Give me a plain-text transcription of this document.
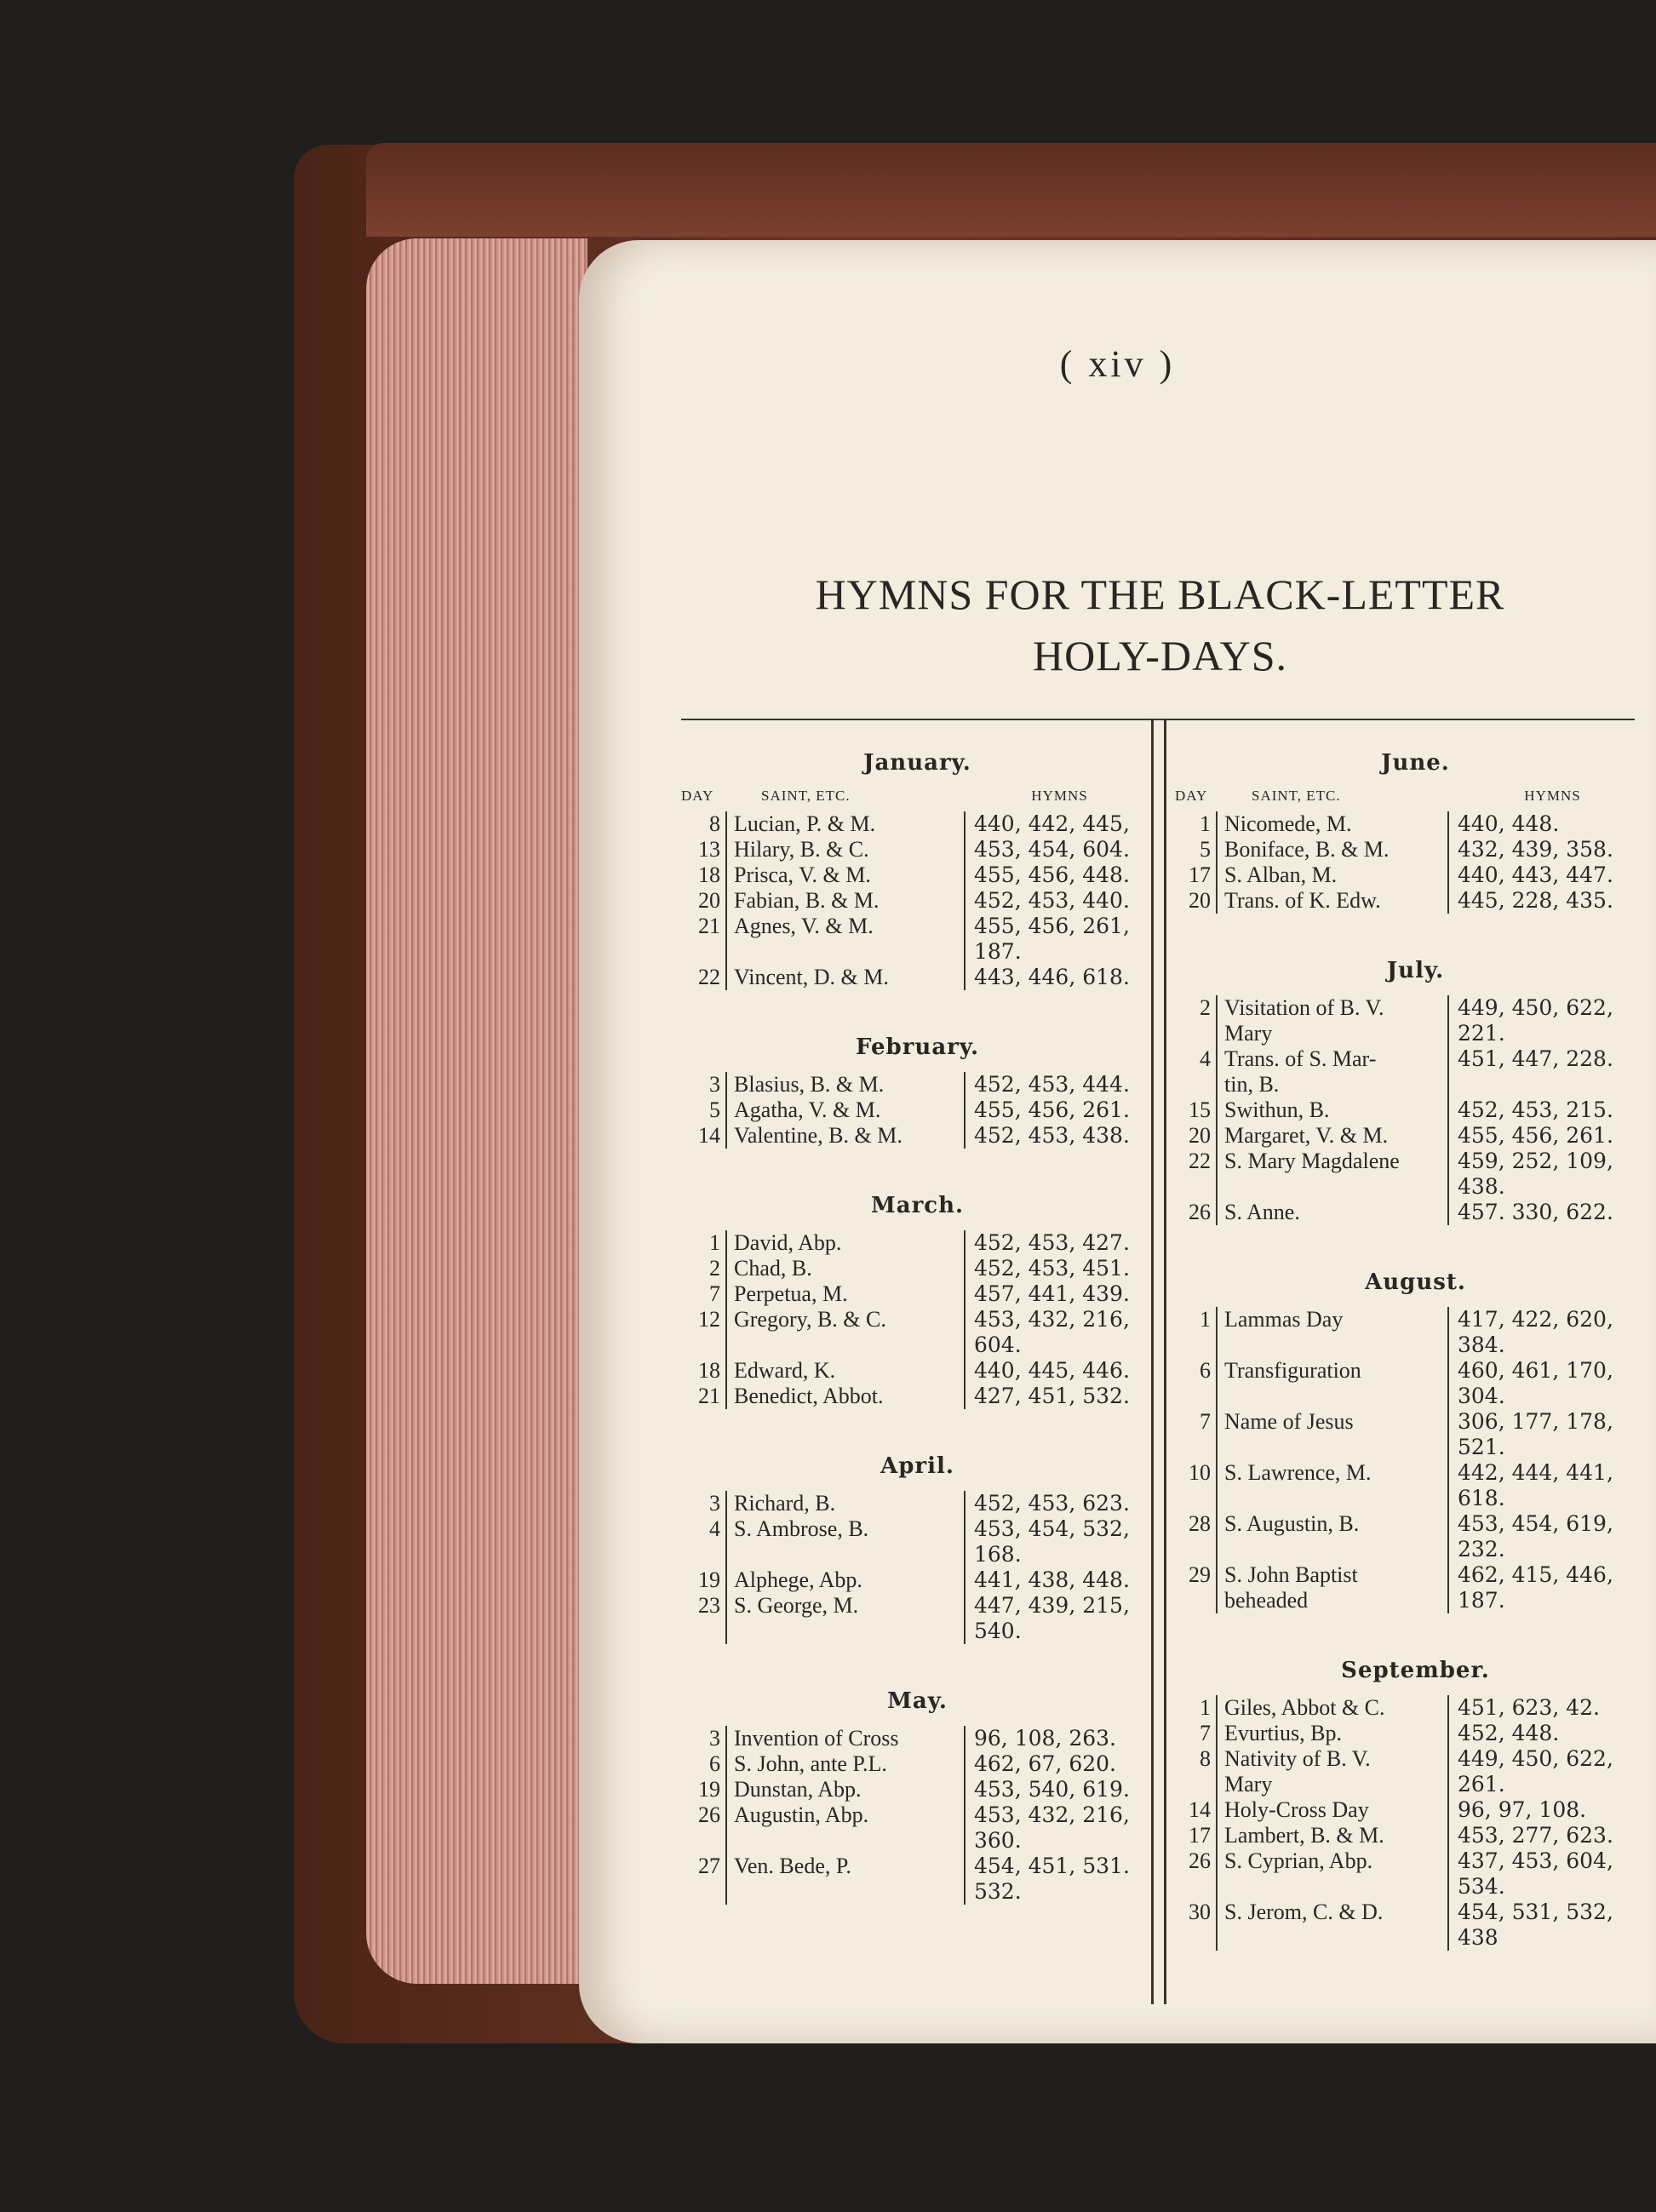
( xiv )
HYMNS FOR THE BLACK-LETTER
HOLY-DAYS.
January.
DAY	SAINT, ETC.	HYMNS
8 Lucian, P. & M.	440, 442, 445,
13 Hilary, B. & C.	453, 454, 604.
18 Prisca, V. & M.	455, 456, 448.
20 Fabian, B. & M.	452, 453, 440.
21 Agnes, V. & M.	455, 456, 261,
187.
22 Vincent, D. & M.	443, 446, 618.
February.
3 Blasius, B. & M.	452, 453, 444.
5 Agatha, V. & M.	455, 456, 261.
14 Valentine, B. & M.	452, 453, 438.
March.
1 David, Abp.	452, 453, 427.
2 Chad, B.	452, 453, 451.
7 Perpetua, M.	457, 441, 439.
12 Gregory, B. & C.	453, 432, 216,
604.
18 Edward, K.	440, 445, 446.
21 Benedict, Abbot.	427, 451, 532.
April.
3 Richard, B.	452, 453, 623.
4 S. Ambrose, B.	453, 454, 532,
168.
19 Alphege, Abp.	441, 438, 448.
23 S. George, M.	447, 439, 215,
540.
May.
3 Invention of Cross	96, 108, 263.
6 S. John, ante P.L.	462, 67, 620.
19 Dunstan, Abp.	453, 540, 619.
26 Augustin, Abp.	453, 432, 216,
360.
27 Ven. Bede, P.	454, 451, 531.
532.
June.
DAY	SAINT, ETC.	HYMNS
1 Nicomede, M.	440, 448.
5 Boniface, B. & M.	432, 439, 358.
17 S. Alban, M.	440, 443, 447.
20 Trans. of K. Edw.	445, 228, 435.
July.
2 Visitation of B. V.	449, 450, 622,
Mary	221.
4 Trans. of S. Mar-	451, 447, 228.
tin, B.
15 Swithun, B.	452, 453, 215.
20 Margaret, V. & M.	455, 456, 261.
22 S. Mary Magdalene	459, 252, 109,
438.
26 S. Anne.	457. 330, 622.
August.
1 Lammas Day	417, 422, 620,
384.
6 Transfiguration	460, 461, 170,
304.
7 Name of Jesus	306, 177, 178,
521.
10 S. Lawrence, M.	442, 444, 441,
618.
28 S. Augustin, B.	453, 454, 619,
232.
29 S. John Baptist	462, 415, 446,
beheaded	187.
September.
1 Giles, Abbot & C.	451, 623, 42.
7 Evurtius, Bp.	452, 448.
8 Nativity of B. V.	449, 450, 622,
Mary	261.
14 Holy-Cross Day	96, 97, 108.
17 Lambert, B. & M.	453, 277, 623.
26 S. Cyprian, Abp.	437, 453, 604,
534.
30 S. Jerom, C. & D.	454, 531, 532,
438
